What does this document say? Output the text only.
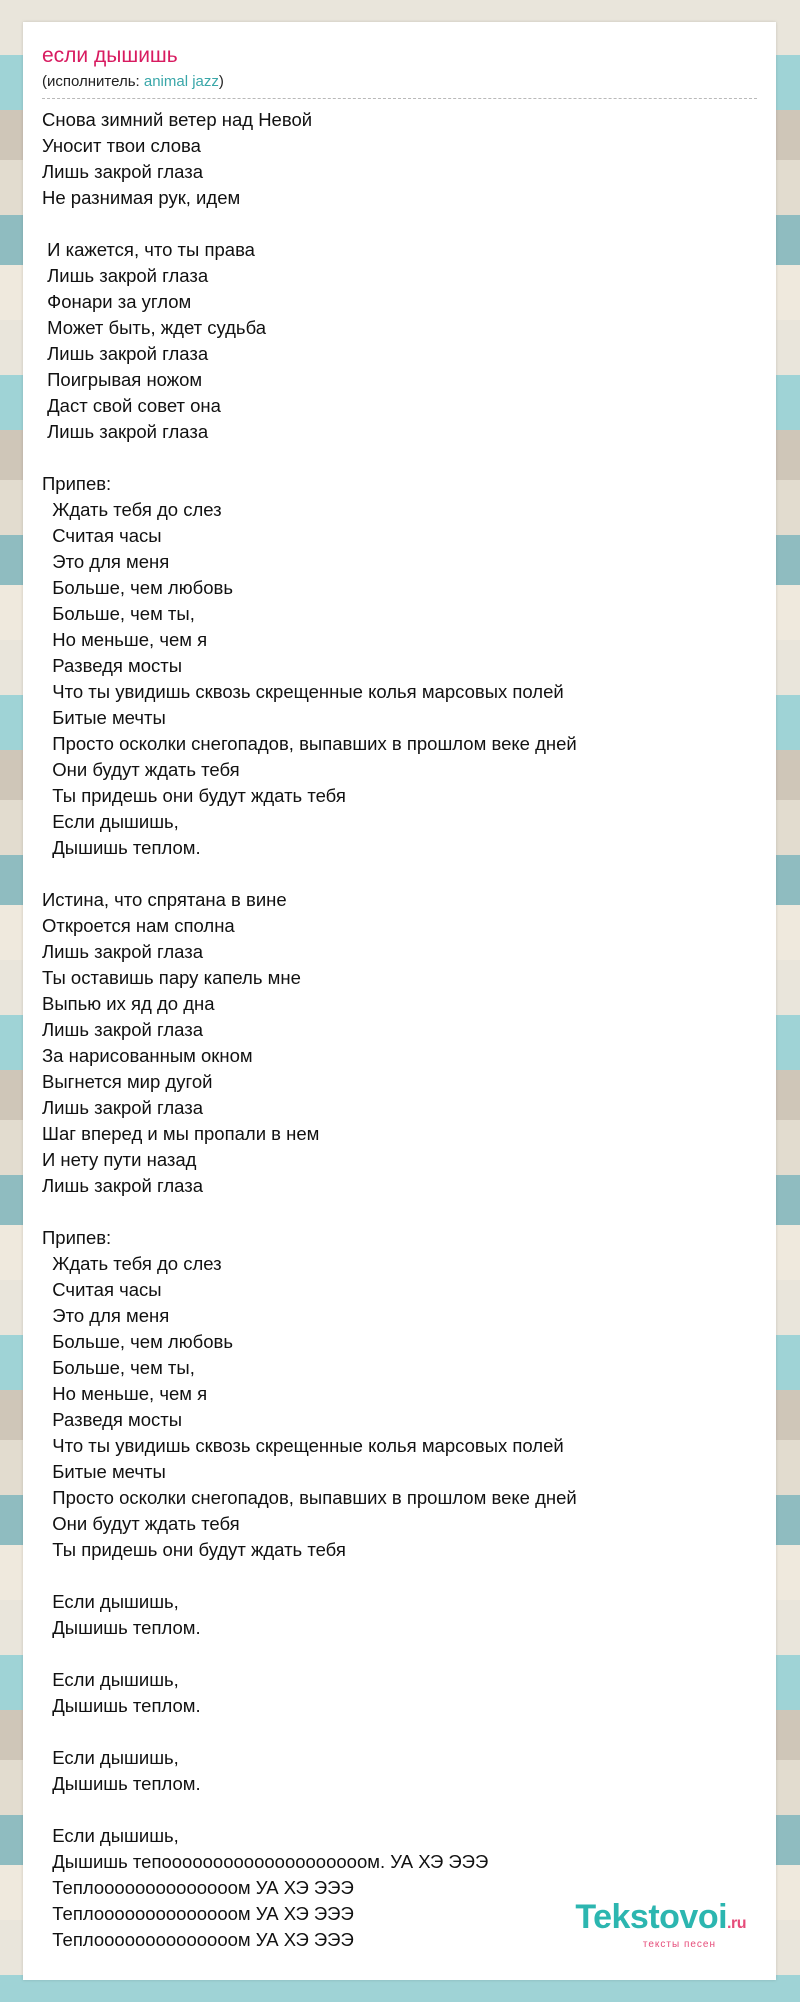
если дышишь
(исполнитель: animal jazz)
Снова зимний ветер над Невой
Уносит твои слова
Лишь закрой глаза
Не разнимая рук, идем

И кажется, что ты права
Лишь закрой глаза
Фонари за углом
Может быть, ждет судьба
Лишь закрой глаза
Поигрывая ножом
Даст свой совет она
Лишь закрой глаза

Припев:
Ждать тебя до слез
Считая часы
Это для меня
Больше, чем любовь
Больше, чем ты,
Но меньше, чем я
Разведя мосты
Что ты увидишь сквозь скрещенные колья марсовых полей
Битые мечты
Просто осколки снегопадов, выпавших в прошлом веке дней
Они будут ждать тебя
Ты придешь они будут ждать тебя
Если дышишь,
Дышишь теплом.

Истина, что спрятана в вине
Откроется нам сполна
Лишь закрой глаза
Ты оставишь пару капель мне
Выпью их яд до дна
Лишь закрой глаза
За нарисованным окном
Выгнется мир дугой
Лишь закрой глаза
Шаг вперед и мы пропали в нем
И нету пути назад
Лишь закрой глаза

Припев:
Ждать тебя до слез
Считая часы
Это для меня
Больше, чем любовь
Больше, чем ты,
Но меньше, чем я
Разведя мосты
Что ты увидишь сквозь скрещенные колья марсовых полей
Битые мечты
Просто осколки снегопадов, выпавших в прошлом веке дней
Они будут ждать тебя
Ты придешь они будут ждать тебя

Если дышишь,
Дышишь теплом.

Если дышишь,
Дышишь теплом.

Если дышишь,
Дышишь теплом.

Если дышишь,
Дышишь тепоооооооооооооооооооом. УА ХЭ ЭЭЭ
Теплоооооооооооооом УА ХЭ ЭЭЭ
Теплоооооооооооооом УА ХЭ ЭЭЭ
Теплоооооооооооооом УА ХЭ ЭЭЭ
Tekstovoi.ru
тексты песен
